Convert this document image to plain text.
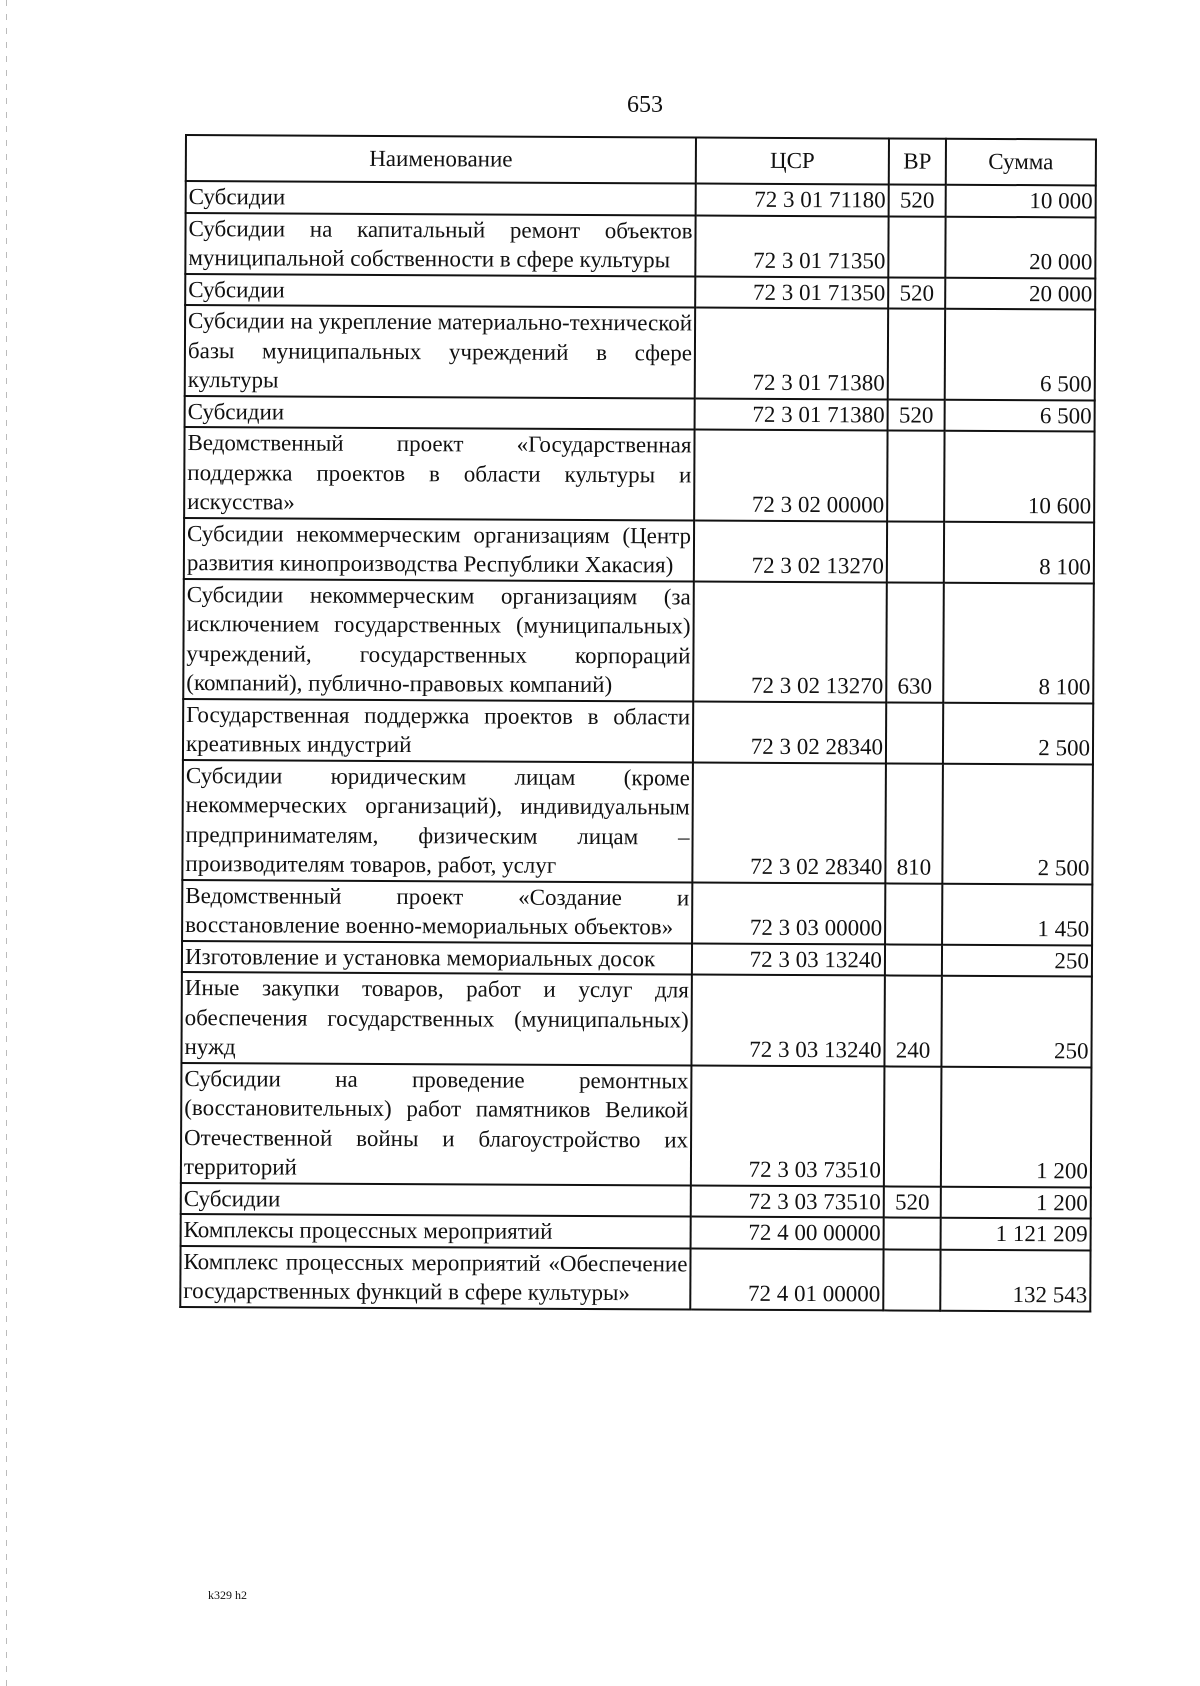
653
Наименование	ЦСР	ВР	Сумма
Субсидии	72 3 01 71180	520	10 000
Субсидии на капитальный ремонт объектов муниципальной собственности в сфере культуры	72 3 01 71350		20 000
Субсидии	72 3 01 71350	520	20 000
Субсидии на укрепление материально-технической базы муниципальных учреждений в сфере культуры	72 3 01 71380		6 500
Субсидии	72 3 01 71380	520	6 500
Ведомственный проект «Государственная поддержка проектов в области культуры и искусства»	72 3 02 00000		10 600
Субсидии некоммерческим организациям (Центр развития кинопроизводства Республики Хакасия)	72 3 02 13270		8 100
Субсидии некоммерческим организациям (за исключением государственных (муниципальных) учреждений, государственных корпораций (компаний), публично-правовых компаний)	72 3 02 13270	630	8 100
Государственная поддержка проектов в области креативных индустрий	72 3 02 28340		2 500
Субсидии юридическим лицам (кроме некоммерческих организаций), индивидуальным предпринимателям, физическим лицам – производителям товаров, работ, услуг	72 3 02 28340	810	2 500
Ведомственный проект «Создание и восстановление военно-мемориальных объектов»	72 3 03 00000		1 450
Изготовление и установка мемориальных досок	72 3 03 13240		250
Иные закупки товаров, работ и услуг для обеспечения государственных (муниципальных) нужд	72 3 03 13240	240	250
Субсидии на проведение ремонтных (восстановительных) работ памятников Великой Отечественной войны и благоустройство их территорий	72 3 03 73510		1 200
Субсидии	72 3 03 73510	520	1 200
Комплексы процессных мероприятий	72 4 00 00000		1 121 209
Комплекс процессных мероприятий «Обеспечение государственных функций в сфере культуры»	72 4 01 00000		132 543
k329 h2
